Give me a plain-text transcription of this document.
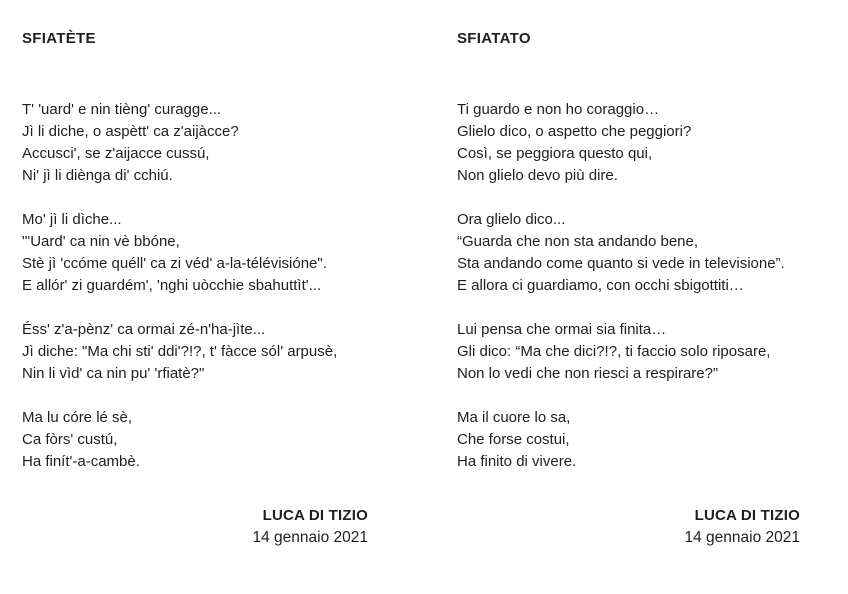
SFIATÈTE

T' 'uard' e nin tièng' curagge...
Jì li diche, o aspètt' ca z'aijàcce?
Accusci', se z'aijacce cussú,
Ni' jì li diènga di' cchiú.

Mo' jì li dìche...
"'Uard' ca nin vè bbóne,
Stè jì 'ccóme quéll' ca zi véd' a-la-télévisióne".
E allór' zi guardém', 'nghi uòcchie sbahuttìt'...

Éss' z'a-pènz' ca ormai zé-n'ha-jìte...
Jì diche: "Ma chi sti' ddi'?!?, t' fàcce sól' arpusè,
Nin li vìd' ca nin pu' 'rfiatè?"

Ma lu córe lé sè,
Ca fòrs' custú,
Ha finít'-a-cambè.

LUCA DI TIZIO
14 gennaio 2021
SFIATATO

Ti guardo e non ho coraggio…
Glielo dico, o aspetto che peggiori?
Così, se peggiora questo qui,
Non glielo devo più dire.

Ora glielo dico...
“Guarda che non sta andando bene,
Sta andando come quanto si vede in televisione”.
E allora ci guardiamo, con occhi sbigottiti…

Lui pensa che ormai sia finita…
Gli dico: “Ma che dici?!?, ti faccio solo riposare,
Non lo vedi che non riesci a respirare?”

Ma il cuore lo sa,
Che forse costui,
Ha finito di vivere.

LUCA DI TIZIO
14 gennaio 2021
